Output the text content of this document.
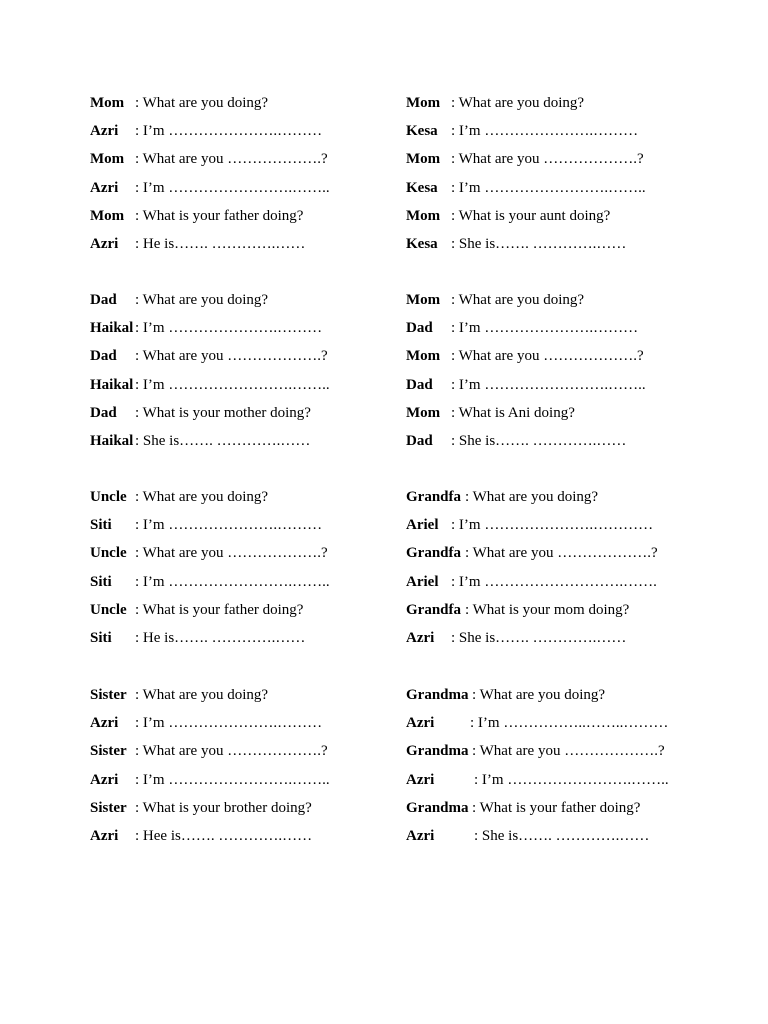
Mom : What are you doing?
Azri : I’m ………………….………
Mom : What are you ……………….?
Azri : I’m …………………….……..
Mom : What is your father doing?
Azri : He is……. ………….……
Mom : What are you doing?
Kesa : I’m ………………….………
Mom : What are you ……………….?
Kesa : I’m …………………….……..
Mom : What is your aunt doing?
Kesa : She is……. ………….……
Dad : What are you doing?
Haikal : I’m ………………….………
Dad : What are you ……………….?
Haikal : I’m …………………….……..
Dad : What is your mother doing?
Haikal : She is……. ………….……
Mom : What are you doing?
Dad : I’m ………………….………
Mom : What are you ……………….?
Dad : I’m …………………….……..
Mom : What is Ani doing?
Dad : She is……. ………….……
Uncle : What are you doing?
Siti : I’m ………………….………
Uncle : What are you ……………….?
Siti : I’m …………………….……..
Uncle : What is your father doing?
Siti : He is……. ………….……
Grandfa : What are you doing?
Ariel : I’m ………………….…………
Grandfa : What are you ……………….?
Ariel : I’m ……………………….…….
Grandfa : What is your mom doing?
Azri : She is……. ………….……
Sister : What are you doing?
Azri : I’m ………………….………
Sister : What are you ……………….?
Azri : I’m …………………….……..
Sister : What is your brother doing?
Azri : Hee is……. ………….……
Grandma : What are you doing?
Azri : I’m ……………..……..………
Grandma : What are you ……………….?
Azri	: I’m …………………….……..
Grandma : What is your father doing?
Azri	: She is……. ………….……
